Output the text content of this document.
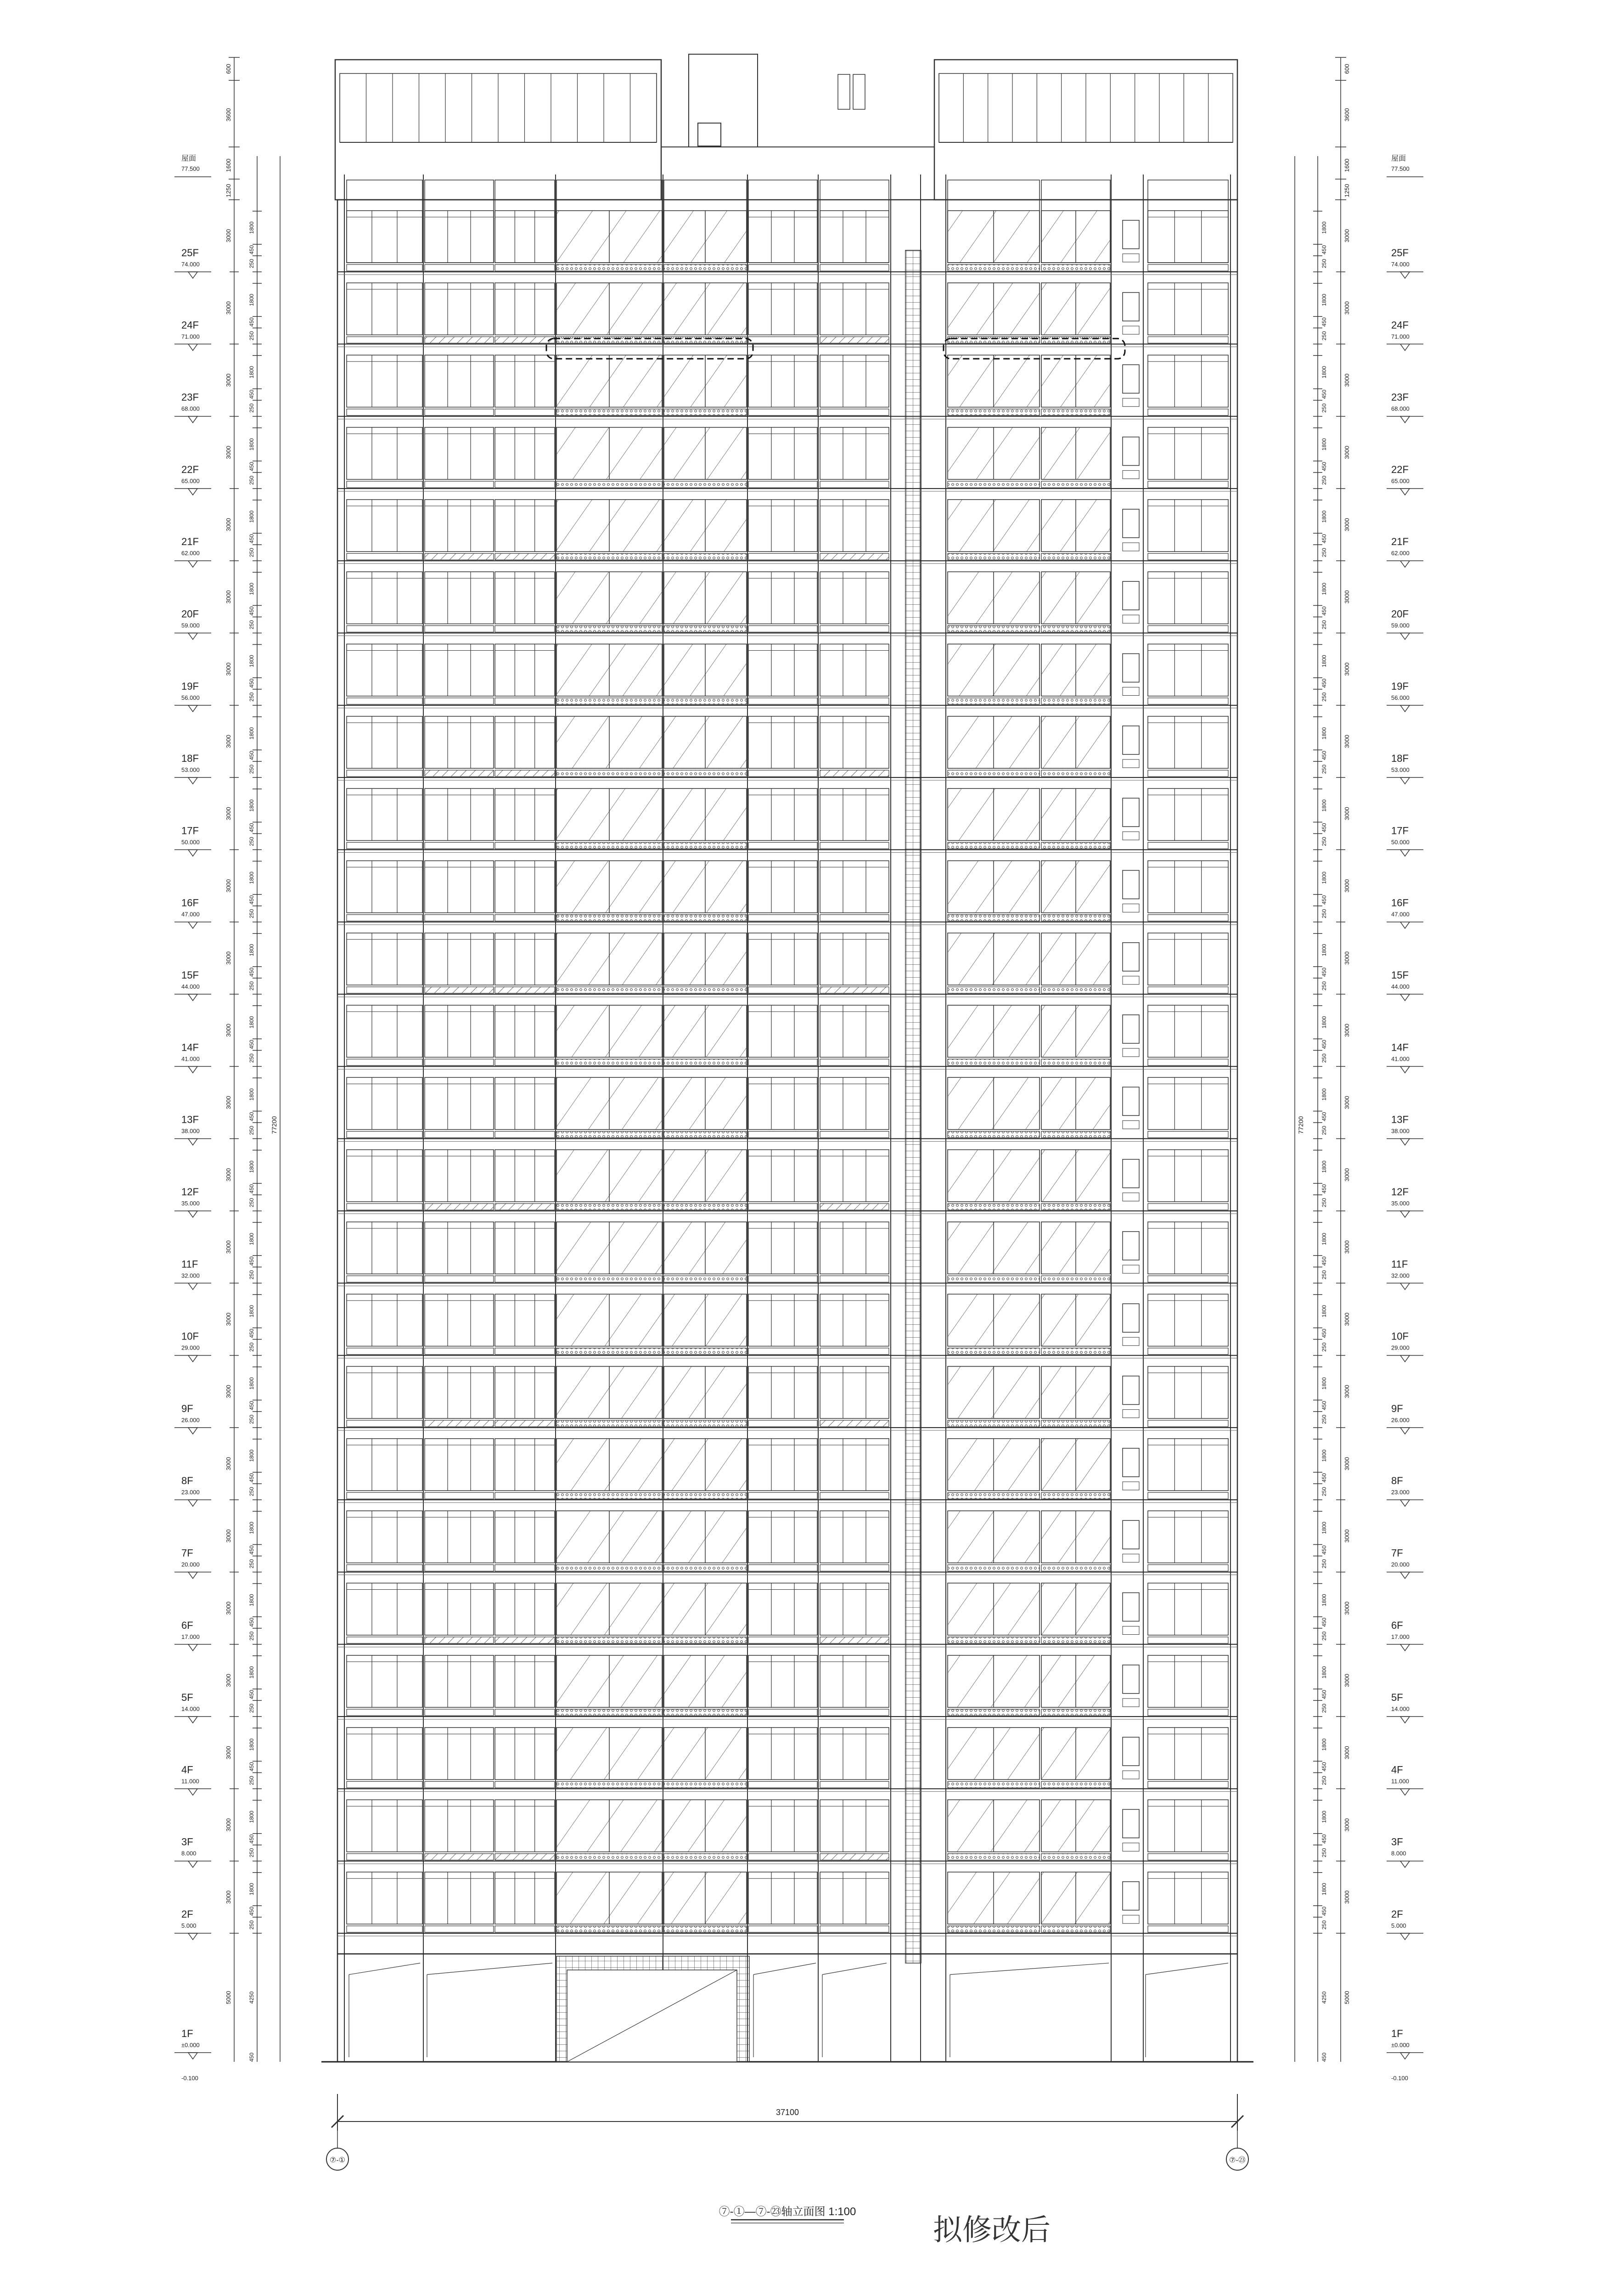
600
3600
1600
1250
3000
250
450
1800
3000
250
450
1800
3000
250
450
1800
3000
250
450
1800
3000
250
450
1800
3000
250
450
1800
3000
250
450
1800
3000
250
450
1800
3000
250
450
1800
3000
250
450
1800
3000
250
450
1800
3000
250
450
1800
3000
250
450
1800
3000
250
450
1800
3000
250
450
1800
3000
250
450
1800
3000
250
450
1800
3000
250
450
1800
3000
250
450
1800
3000
250
450
1800
3000
250
450
1800
3000
250
450
1800
3000
250
450
1800
3000
250
450
1800
5000	4250
450
77200
600
3600
1600
1250
3000
250
450
1800
3000
250
450
1800
3000
250
450
1800
3000
250
450
1800
3000
250
450
1800
3000
250
450
1800
3000
250
450
1800
3000
250
450
1800
3000
250
450
1800
3000
250
450
1800
3000
250
450
1800
3000
250
450
1800
3000
250
450
1800
3000
250
450
1800
3000
250
450
1800
3000
250
450
1800
3000
250
450
1800
3000
250
450
1800
3000
250
450
1800
3000
250
450
1800
3000
250
450
1800
3000
250
450
1800
3000
250
450
1800
3000
250
450
1800
5000
4250
450
77200
25F
74.000
24F
71.000
23F
68.000
22F
65.000
21F
62.000
20F
59.000
19F
56.000
18F
53.000
17F
50.000
16F
47.000
15F
44.000
14F
41.000
13F
38.000
12F
35.000
11F
32.000
10F
29.000
9F
26.000
8F
23.000
7F
20.000
6F
17.000
5F
14.000
4F
11.000
3F
8.000
2F
5.000
1F
±0.000
屋面
77.500
-0.100
25F
74.000
24F
71.000
23F
68.000
22F
65.000
21F
62.000
20F
59.000
19F
56.000
18F
53.000
17F
50.000
16F
47.000
15F
44.000
14F
41.000
13F
38.000
12F
35.000
11F
32.000
10F
29.000
9F
26.000
8F
23.000
7F
20.000
6F
17.000
5F
14.000
4F
11.000
3F
8.000
2F
5.000
1F
±0.000
屋面
77.500
-0.100
37100
⑦-①	⑦-㉓
⑦-①—⑦-㉓轴立面图 1:100
拟修改后
